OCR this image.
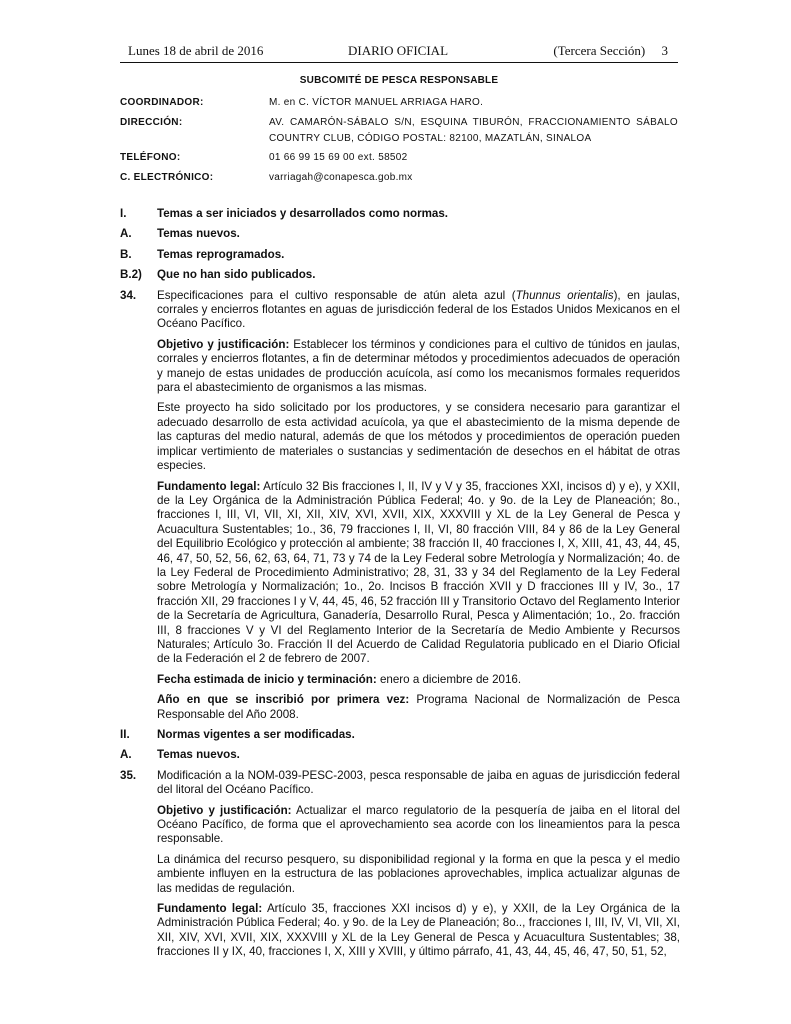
Lunes 18 de abril de 2016	DIARIO OFICIAL	(Tercera Sección)     3
SUBCOMITÉ DE PESCA RESPONSABLE
COORDINADOR:	M. en C. VÍCTOR MANUEL ARRIAGA HARO.
DIRECCIÓN:	AV. CAMARÓN-SÁBALO S/N, ESQUINA TIBURÓN, FRACCIONAMIENTO SÁBALO COUNTRY CLUB, CÓDIGO POSTAL: 82100, MAZATLÁN, SINALOA
TELÉFONO:	01 66 99 15 69 00 ext. 58502
C. ELECTRÓNICO:	varriagah@conapesca.gob.mx
I.	Temas a ser iniciados y desarrollados como normas.
A. Temas nuevos.
B. Temas reprogramados.
B.2) Que no han sido publicados.
34. Especificaciones para el cultivo responsable de atún aleta azul (Thunnus orientalis), en jaulas, corrales y encierros flotantes en aguas de jurisdicción federal de los Estados Unidos Mexicanos en el Océano Pacífico.
Objetivo y justificación: Establecer los términos y condiciones para el cultivo de túnidos en jaulas, corrales y encierros flotantes, a fin de determinar métodos y procedimientos adecuados de operación y manejo de estas unidades de producción acuícola, así como los mecanismos formales requeridos para el abastecimiento de organismos a las mismas.
Este proyecto ha sido solicitado por los productores, y se considera necesario para garantizar el adecuado desarrollo de esta actividad acuícola, ya que el abastecimiento de la misma depende de las capturas del medio natural, además de que los métodos y procedimientos de operación pueden implicar vertimiento de materiales o sustancias y sedimentación de desechos en el hábitat de otras especies.
Fundamento legal: Artículo 32 Bis fracciones I, II, IV y V y 35, fracciones XXI, incisos d) y e), y XXII, de la Ley Orgánica de la Administración Pública Federal; 4o. y 9o. de la Ley de Planeación; 8o., fracciones I, III, VI, VII, XI, XII, XIV, XVI, XVII, XIX, XXXVIII y XL de la Ley General de Pesca y Acuacultura Sustentables; 1o., 36, 79 fracciones I, II, VI, 80 fracción VIII, 84 y 86 de la Ley General del Equilibrio Ecológico y protección al ambiente; 38 fracción II, 40 fracciones I, X, XIII, 41, 43, 44, 45, 46, 47, 50, 52, 56, 62, 63, 64, 71, 73 y 74 de la Ley Federal sobre Metrología y Normalización; 4o. de la Ley Federal de Procedimiento Administrativo; 28, 31, 33 y 34 del Reglamento de la Ley Federal sobre Metrología y Normalización; 1o., 2o. Incisos B fracción XVII y D fracciones III y IV, 3o., 17 fracción XII, 29 fracciones I y V, 44, 45, 46, 52 fracción III y Transitorio Octavo del Reglamento Interior de la Secretaría de Agricultura, Ganadería, Desarrollo Rural, Pesca y Alimentación; 1o., 2o. fracción III, 8 fracciones V y VI del Reglamento Interior de la Secretaría de Medio Ambiente y Recursos Naturales; Artículo 3o. Fracción II del Acuerdo de Calidad Regulatoria publicado en el Diario Oficial de la Federación el 2 de febrero de 2007.
Fecha estimada de inicio y terminación: enero a diciembre de 2016.
Año en que se inscribió por primera vez: Programa Nacional de Normalización de Pesca Responsable del Año 2008.
II. Normas vigentes a ser modificadas.
A. Temas nuevos.
35. Modificación a la NOM-039-PESC-2003, pesca responsable de jaiba en aguas de jurisdicción federal del litoral del Océano Pacífico.
Objetivo y justificación: Actualizar el marco regulatorio de la pesquería de jaiba en el litoral del Océano Pacífico, de forma que el aprovechamiento sea acorde con los lineamientos para la pesca responsable.
La dinámica del recurso pesquero, su disponibilidad regional y la forma en que la pesca y el medio ambiente influyen en la estructura de las poblaciones aprovechables, implica actualizar algunas de las medidas de regulación.
Fundamento legal: Artículo 35, fracciones XXI incisos d) y e), y XXII, de la Ley Orgánica de la Administración Pública Federal; 4o. y 9o. de la Ley de Planeación; 8o.., fracciones I, III, IV, VI, VII, XI, XII, XIV, XVI, XVII, XIX, XXXVIII y XL de la Ley General de Pesca y Acuacultura Sustentables; 38, fracciones II y IX, 40, fracciones I, X, XIII y XVIII, y último párrafo, 41, 43, 44, 45, 46, 47, 50, 51, 52,
